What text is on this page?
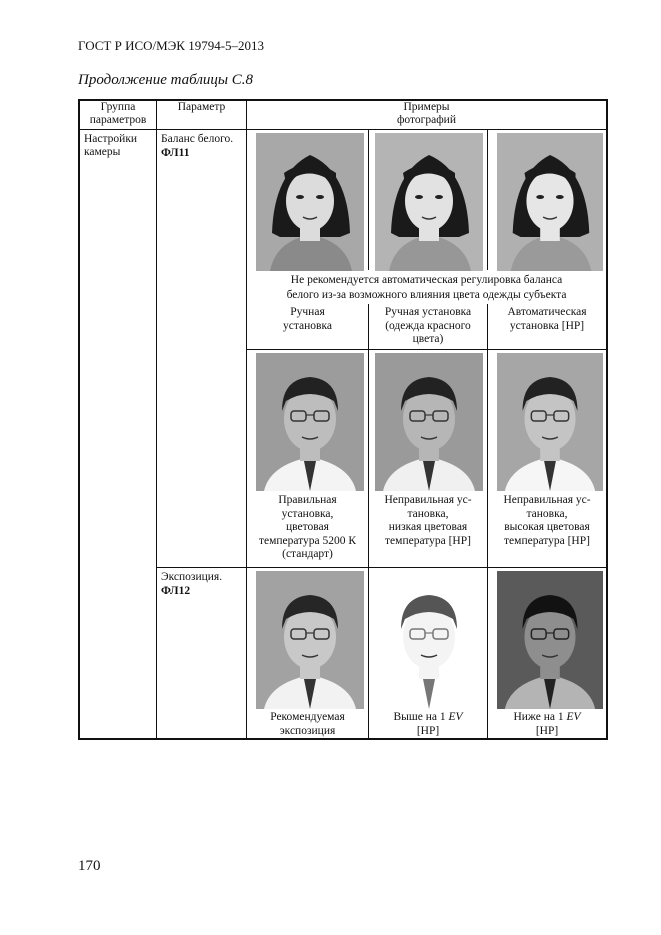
ГОСТ Р ИСО/МЭК 19794-5–2013
Продолжение таблицы С.8
Группа параметров
Параметр	Примеры
фотографий
Настройки камеры
Баланс белого.
ФЛ11
Экспозиция.
ФЛ12
Не рекомендуется автоматическая регулировка баланса
белого из-за возможного влияния цвета одежды субъекта
Ручная
установка
Ручная установка
(одежда красного
цвета)
Автоматическая
установка [НР]
Правильная
установка,
цветовая
температура 5200 К
(стандарт)
Неправильная ус-
тановка,
низкая цветовая
температура [НР]
Неправильная ус-
тановка,
высокая цветовая
температура [НР]
Рекомендуемая
экспозиция
Выше на 1 EV
[НР]
Ниже на 1 EV
[НР]
170
